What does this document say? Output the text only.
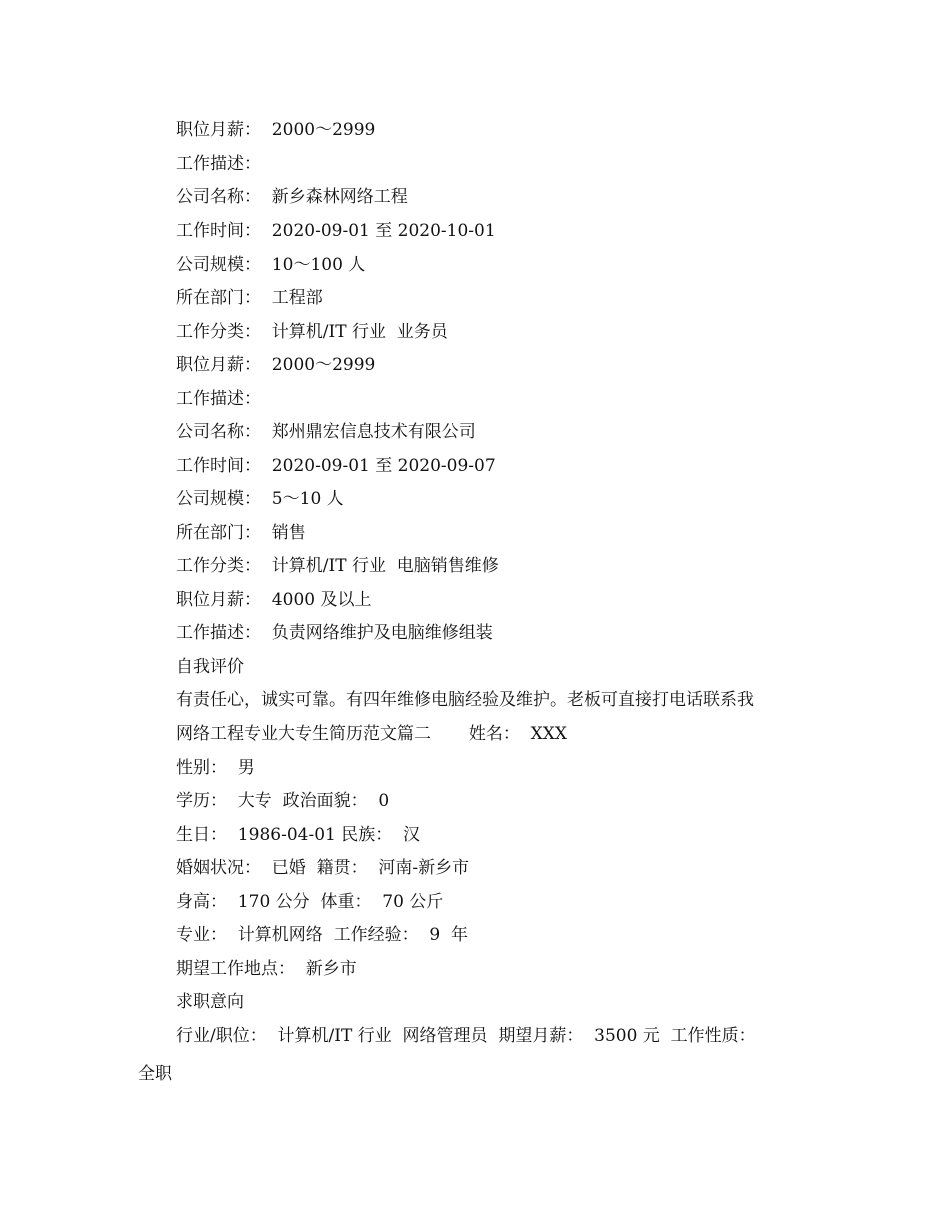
职位月薪：  2000～2999
工作描述：
公司名称：  新乡森林网络工程
工作时间：  2020-09-01 至 2020-10-01
公司规模：  10～100 人
所在部门：  工程部
工作分类：  计算机/IT 行业  业务员
职位月薪：  2000～2999
工作描述：
公司名称：  郑州鼎宏信息技术有限公司
工作时间：  2020-09-01 至 2020-09-07
公司规模：  5～10 人
所在部门：  销售
工作分类：  计算机/IT 行业  电脑销售维修
职位月薪：  4000 及以上
工作描述：  负责网络维护及电脑维修组装
自我评价
有责任心，诚实可靠。有四年维修电脑经验及维护。老板可直接打电话联系我
网络工程专业大专生简历范文篇二       姓名：  XXX
性别：  男
学历：  大专  政治面貌：  0
生日：  1986-04-01 民族：  汉
婚姻状况：  已婚  籍贯：  河南-新乡市
身高：  170 公分  体重：  70 公斤
专业：  计算机网络  工作经验：  9  年
期望工作地点：  新乡市
求职意向
行业/职位：  计算机/IT 行业  网络管理员  期望月薪：  3500 元  工作性质：
全职
